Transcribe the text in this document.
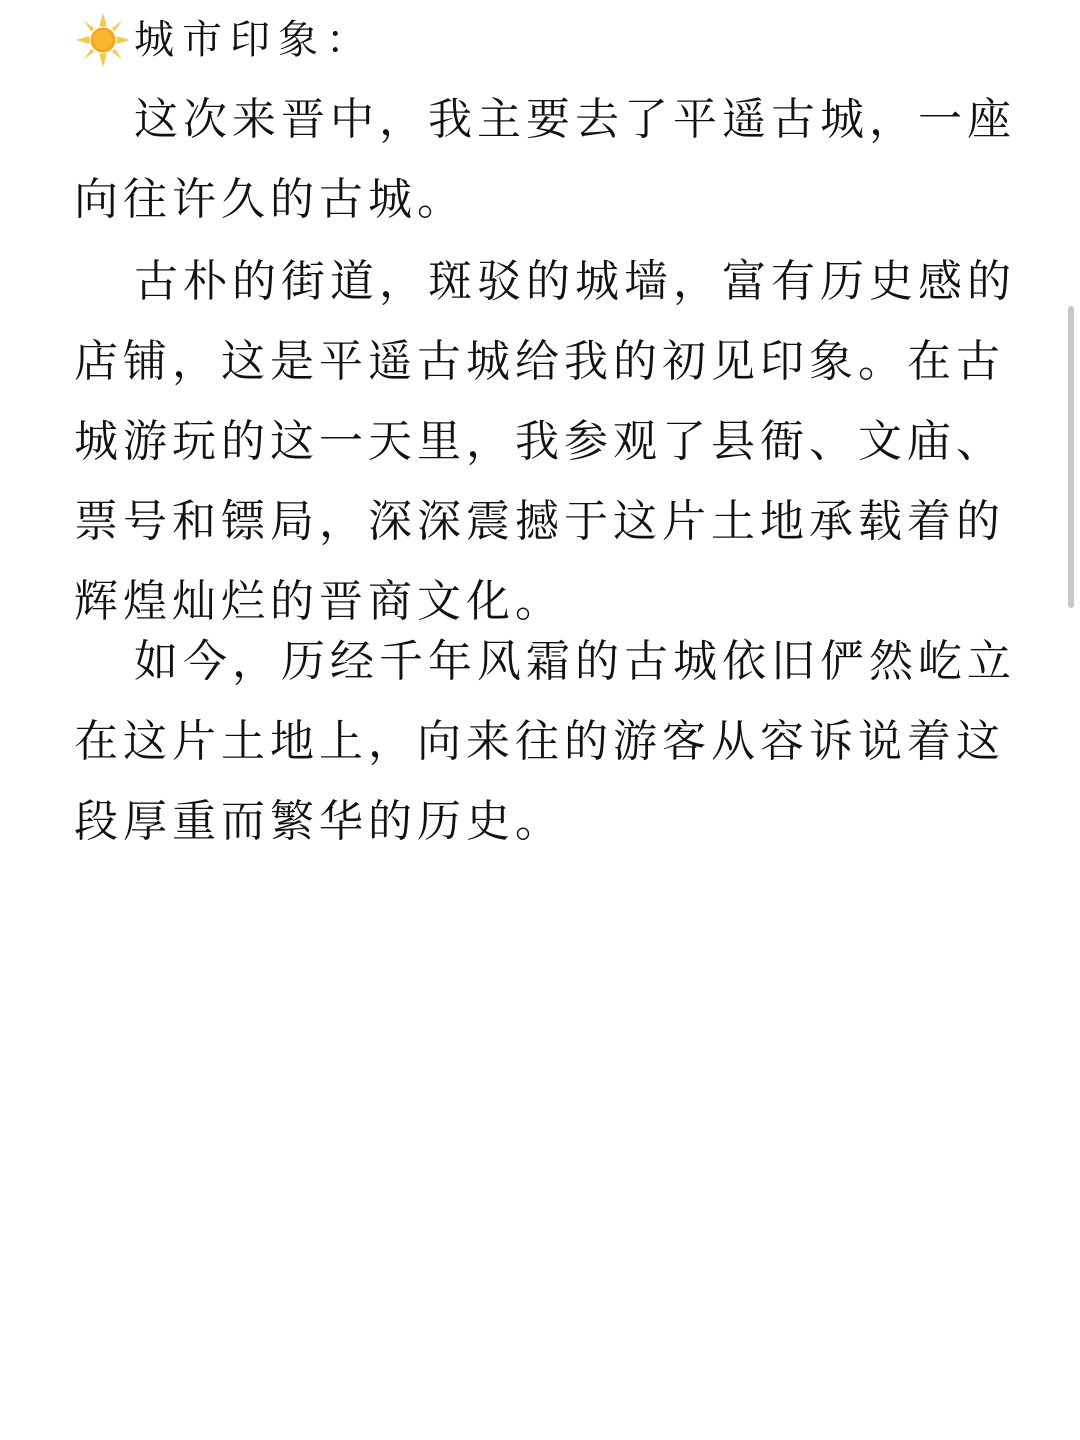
城市印象：
这次来晋中，我主要去了平遥古城，一座
向往许久的古城。
古朴的街道，斑驳的城墙，富有历史感的
店铺，这是平遥古城给我的初见印象。在古
城游玩的这一天里，我参观了县衙、文庙、
票号和镖局，深深震撼于这片土地承载着的
辉煌灿烂的晋商文化。
如今，历经千年风霜的古城依旧俨然屹立
在这片土地上，向来往的游客从容诉说着这
段厚重而繁华的历史。
